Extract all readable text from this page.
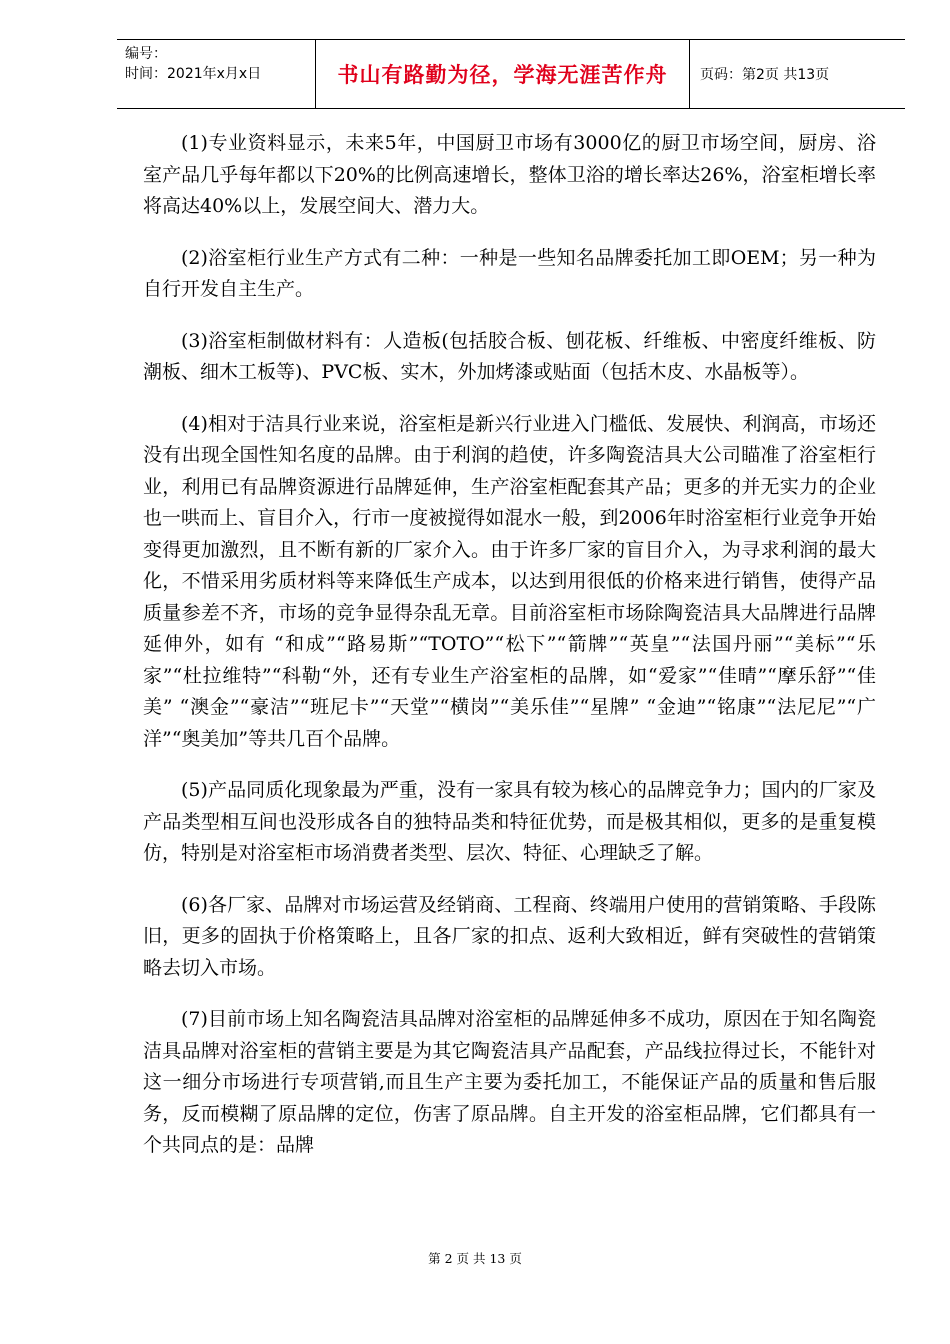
编号：
时间：2021年x月x日	书山有路勤为径，学海无涯苦作舟 页码：第2页 共13页

(1)专业资料显示，未来5年，中国厨卫市场有3000亿的厨卫市场空间，厨房、浴室产品几乎每年都以下20%的比例高速增长，整体卫浴的增长率达26%，浴室柜增长率将高达40%以上，发展空间大、潜力大。

(2)浴室柜行业生产方式有二种：一种是一些知名品牌委托加工即OEM；另一种为自行开发自主生产。

(3)浴室柜制做材料有：人造板(包括胶合板、刨花板、纤维板、中密度纤维板、防潮板、细木工板等)、PVC板、实木，外加烤漆或贴面（包括木皮、水晶板等）。

(4)相对于洁具行业来说，浴室柜是新兴行业进入门槛低、发展快、利润高，市场还没有出现全国性知名度的品牌。由于利润的趋使，许多陶瓷洁具大公司瞄准了浴室柜行业，利用已有品牌资源进行品牌延伸，生产浴室柜配套其产品；更多的并无实力的企业也一哄而上、盲目介入，行市一度被搅得如混水一般，到2006年时浴室柜行业竞争开始变得更加激烈，且不断有新的厂家介入。由于许多厂家的盲目介入，为寻求利润的最大化，不惜采用劣质材料等来降低生产成本，以达到用很低的价格来进行销售，使得产品质量参差不齐，市场的竞争显得杂乱无章。目前浴室柜市场除陶瓷洁具大品牌进行品牌延伸外，如有 “和成”“路易斯”“TOTO”“松下”“箭牌”“英皇”“法国丹丽”“美标”“乐家”“杜拉维特”“科勒“外，还有专业生产浴室柜的品牌，如“爱家”“佳晴”“摩乐舒”“佳美” “澳金”“豪洁”“班尼卡”“天堂”“横岗”“美乐佳”“星牌” “金迪”“铭康”“法尼尼”“广洋”“奥美加”等共几百个品牌。

(5)产品同质化现象最为严重，没有一家具有较为核心的品牌竞争力；国内的厂家及产品类型相互间也没形成各自的独特品类和特征优势，而是极其相似，更多的是重复模仿，特别是对浴室柜市场消费者类型、层次、特征、心理缺乏了解。

(6)各厂家、品牌对市场运营及经销商、工程商、终端用户使用的营销策略、手段陈旧，更多的固执于价格策略上，且各厂家的扣点、返利大致相近，鲜有突破性的营销策略去切入市场。

(7)目前市场上知名陶瓷洁具品牌对浴室柜的品牌延伸多不成功，原因在于知名陶瓷洁具品牌对浴室柜的营销主要是为其它陶瓷洁具产品配套，产品线拉得过长，不能针对这一细分市场进行专项营销,而且生产主要为委托加工，不能保证产品的质量和售后服务，反而模糊了原品牌的定位，伤害了原品牌。自主开发的浴室柜品牌，它们都具有一个共同点的是：品牌

第 2 页 共 13 页
